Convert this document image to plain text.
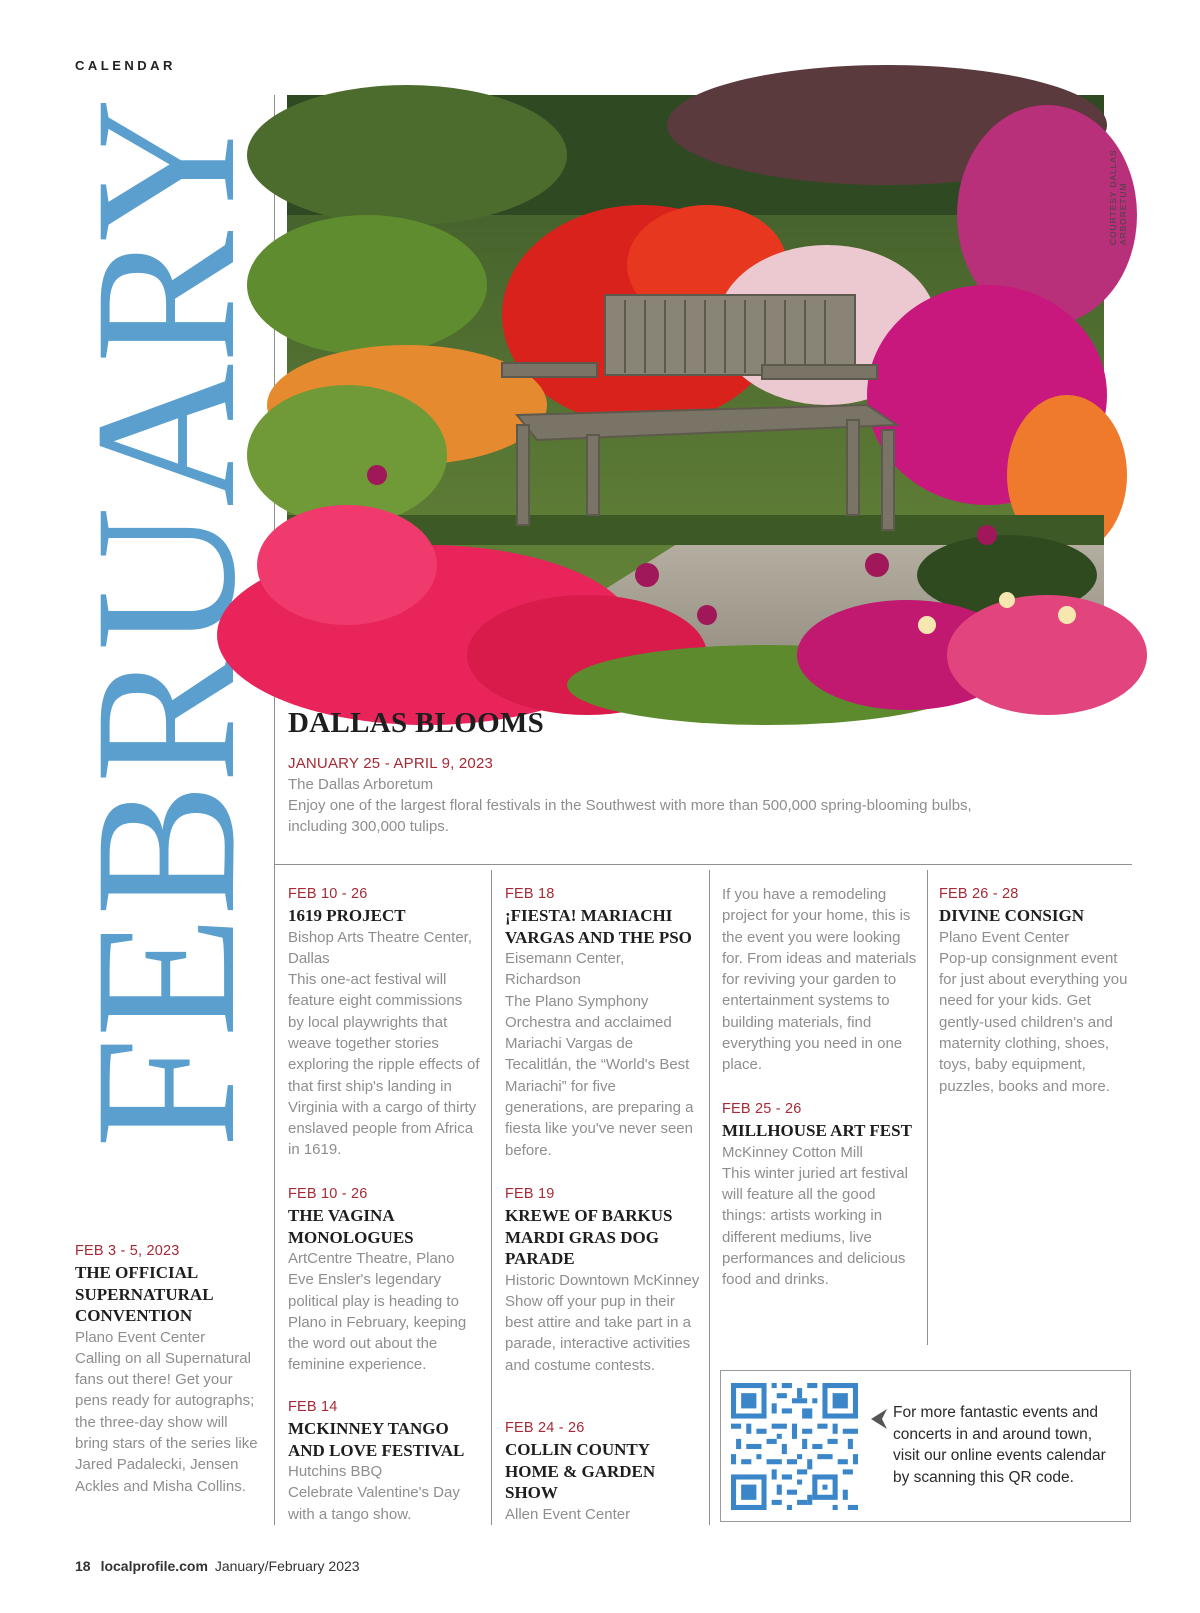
CALENDAR
FEBRUARY	COURTESY DALLAS ARBORETUM
DALLAS BLOOMS
JANUARY 25 - APRIL 9, 2023
The Dallas Arboretum
Enjoy one of the largest floral festivals in the Southwest with more than 500,000 spring-blooming bulbs, including 300,000 tulips.
FEB 3 - 5, 2023
THE OFFICIAL SUPERNATURAL CONVENTION
Plano Event Center
Calling on all Supernatural fans out there! Get your pens ready for autographs; the three-day show will bring stars of the series like Jared Padalecki, Jensen Ackles and Misha Collins.
FEB 10 - 26
1619 PROJECT
Bishop Arts Theatre Center, Dallas
This one-act festival will feature eight commissions by local playwrights that weave together stories exploring the ripple effects of that first ship's landing in Virginia with a cargo of thirty enslaved people from Africa in 1619.
FEB 10 - 26
THE VAGINA MONOLOGUES
ArtCentre Theatre, Plano
Eve Ensler's legendary political play is heading to Plano in February, keeping the word out about the feminine experience.
FEB 14
MCKINNEY TANGO AND LOVE FESTIVAL
Hutchins BBQ
Celebrate Valentine's Day with a tango show.
FEB 18
¡FIESTA! MARIACHI VARGAS AND THE PSO
Eisemann Center, Richardson
The Plano Symphony Orchestra and acclaimed Mariachi Vargas de Tecalitlán, the “World's Best Mariachi” for five generations, are preparing a fiesta like you've never seen before.
FEB 19
KREWE OF BARKUS MARDI GRAS DOG PARADE
Historic Downtown McKinney
Show off your pup in their best attire and take part in a parade, interactive activities and costume contests.
FEB 24 - 26
COLLIN COUNTY HOME & GARDEN SHOW
Allen Event Center
If you have a remodeling project for your home, this is the event you were looking for. From ideas and materials for reviving your garden to entertainment systems to building materials, find everything you need in one place.
FEB 25 - 26
MILLHOUSE ART FEST
McKinney Cotton Mill
This winter juried art festival will feature all the good things: artists working in different mediums, live performances and delicious food and drinks.
FEB 26 - 28
DIVINE CONSIGN
Plano Event Center
Pop-up consignment event for just about everything you need for your kids. Get gently-used children's and maternity clothing, shoes, toys, baby equipment, puzzles, books and more.
For more fantastic events and concerts in and around town, visit our online events calendar by scanning this QR code.
18 localprofile.com January/February 2023
